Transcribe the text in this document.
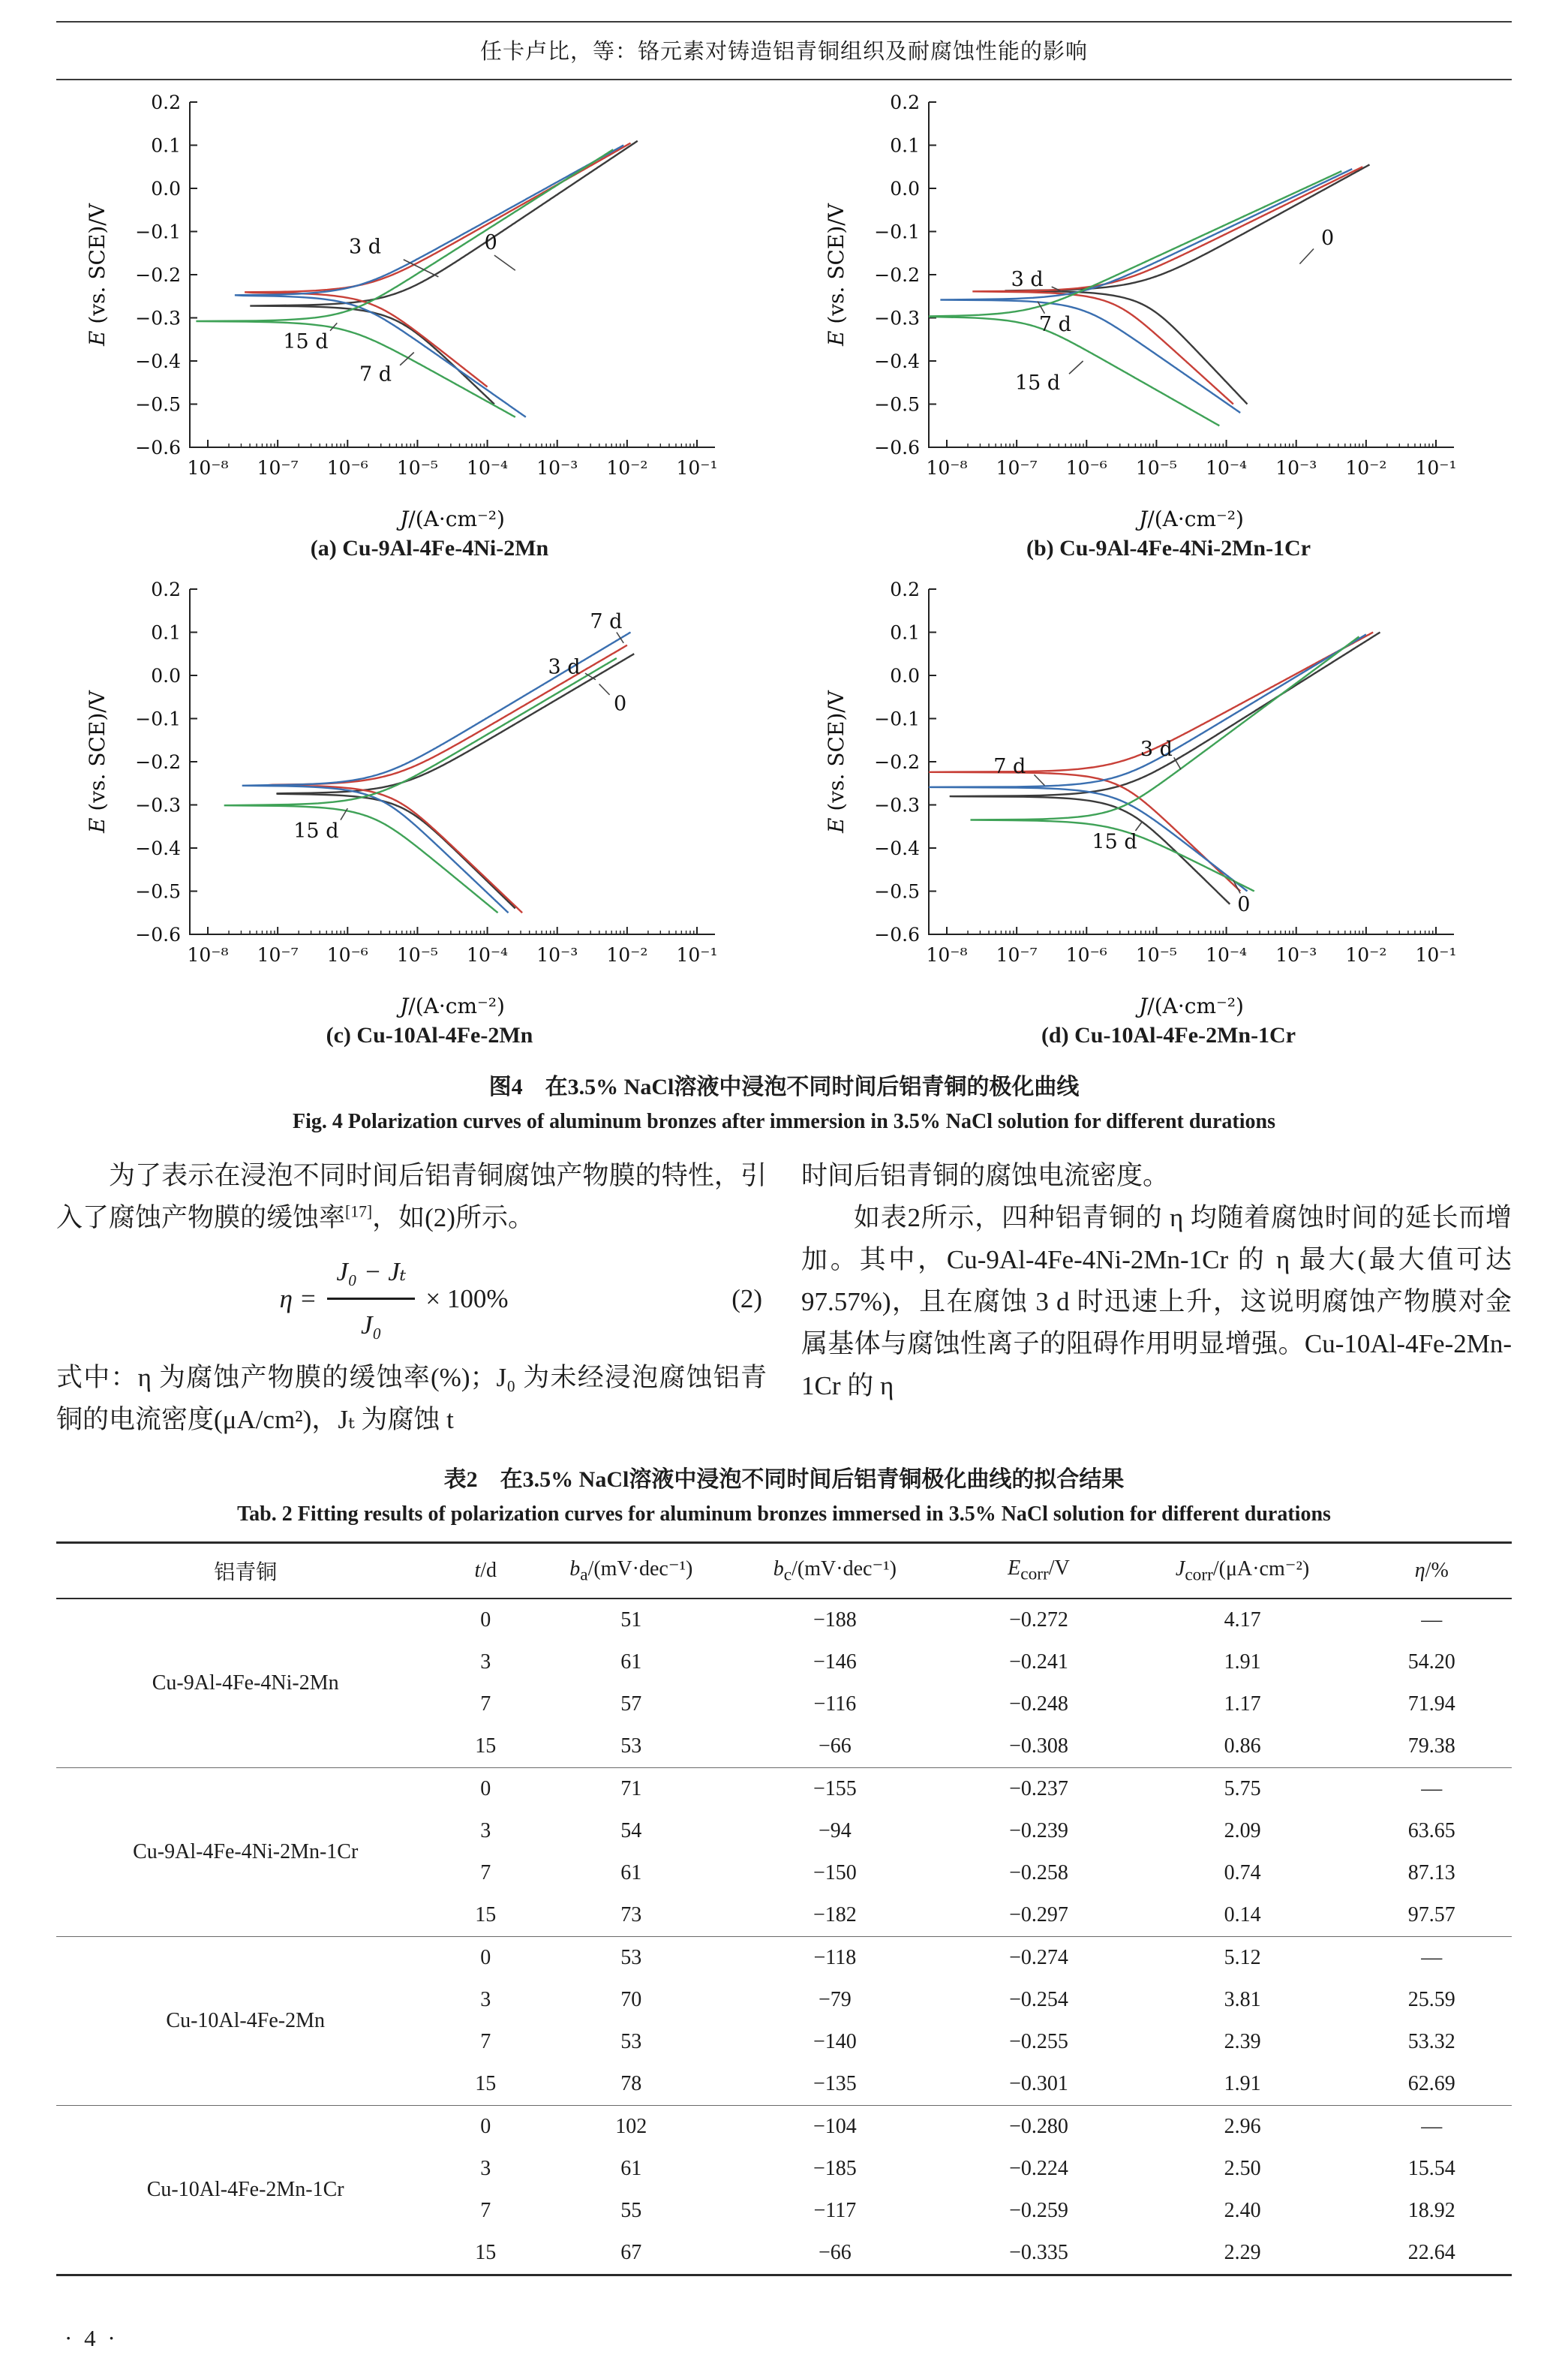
任卡卢比，等：铬元素对铸造铝青铜组织及耐腐蚀性能的影响
0.2
0.1
0.0
−0.1
−0.2
−0.3
−0.4
−0.5
−0.6
10⁻⁸ 10⁻⁷ 10⁻⁶ 10⁻⁵ 10⁻⁴ 10⁻³ 10⁻² 10⁻¹
J/(A·cm⁻²)
E (vs. SCE)/V	3 d	0
15 d
7 d
(a) Cu-9Al-4Fe-4Ni-2Mn
0.2
0.1
0.0
−0.1
−0.2
−0.3
−0.4
−0.5
−0.6
10⁻⁸ 10⁻⁷ 10⁻⁶ 10⁻⁵ 10⁻⁴ 10⁻³ 10⁻² 10⁻¹
J/(A·cm⁻²)
E (vs. SCE)/V	3 d
0
7 d
15 d
(b) Cu-9Al-4Fe-4Ni-2Mn-1Cr
0.2
0.1
0.0
−0.1
−0.2
−0.3
−0.4
−0.5
−0.6
10⁻⁸ 10⁻⁷ 10⁻⁶ 10⁻⁵ 10⁻⁴ 10⁻³ 10⁻² 10⁻¹
J/(A·cm⁻²)
E (vs. SCE)/V
7 d
3 d
0
15 d
(c) Cu-10Al-4Fe-2Mn
0.2
0.1
0.0
−0.1
−0.2
−0.3
−0.4
−0.5
−0.6
10⁻⁸ 10⁻⁷ 10⁻⁶ 10⁻⁵ 10⁻⁴ 10⁻³ 10⁻² 10⁻¹
J/(A·cm⁻²)
E (vs. SCE)/V	7 d
3 d
15 d
0
(d) Cu-10Al-4Fe-2Mn-1Cr
图4　在3.5% NaCl溶液中浸泡不同时间后铝青铜的极化曲线
Fig. 4 Polarization curves of aluminum bronzes after immersion in 3.5% NaCl solution for different durations

为了表示在浸泡不同时间后铝青铜腐蚀产物膜的特性，引入了腐蚀产物膜的缓蚀率[17]，如(2)所示。

$\eta = \frac{\text{J₀ − Jₜ}}{\text{J₀}} \times 100\%$	(2)

式中：η 为腐蚀产物膜的缓蚀率(%)；J₀ 为未经浸泡腐蚀铝青铜的电流密度(μA/cm²)，Jₜ 为腐蚀 t

时间后铝青铜的腐蚀电流密度。

如表2所示，四种铝青铜的 η 均随着腐蚀时间的延长而增加。其中，Cu-9Al-4Fe-4Ni-2Mn-1Cr 的 η 最大(最大值可达 97.57%)，且在腐蚀 3 d 时迅速上升，这说明腐蚀产物膜对金属基体与腐蚀性离子的阻碍作用明显增强。Cu-10Al-4Fe-2Mn-1Cr 的 η

表2　在3.5% NaCl溶液中浸泡不同时间后铝青铜极化曲线的拟合结果
Tab. 2 Fitting results of polarization curves for aluminum bronzes immersed in 3.5% NaCl solution for different durations
铝青铜	t/d	$b_a/(mV\cdot dec^{-1})$	$b_c/(mV\cdot dec^{-1})$	$E_{corr}/V$	$J_{corr}/(\mu A\cdot cm^{-2})$	η/%
Cu-9Al-4Fe-4Ni-2Mn	0	51	−188	−0.272	4.17	—
	3	61	−146	−0.241	1.91	54.20
	7	57	−116	−0.248	1.17	71.94
	15	53	−66	−0.308	0.86	79.38
Cu-9Al-4Fe-4Ni-2Mn-1Cr	0	71	−155	−0.237	5.75	—
	3	54	−94	−0.239	2.09	63.65
	7	61	−150	−0.258	0.74	87.13
	15	73	−182	−0.297	0.14	97.57
Cu-10Al-4Fe-2Mn	0	53	−118	−0.274	5.12	—
	3	70	−79	−0.254	3.81	25.59
	7	53	−140	−0.255	2.39	53.32
	15	78	−135	−0.301	1.91	62.69
Cu-10Al-4Fe-2Mn-1Cr	0	102	−104	−0.280	2.96	—
	3	61	−185	−0.224	2.50	15.54
	7	55	−117	−0.259	2.40	18.92
	15	67	−66	−0.335	2.29	22.64
· 4 ·
